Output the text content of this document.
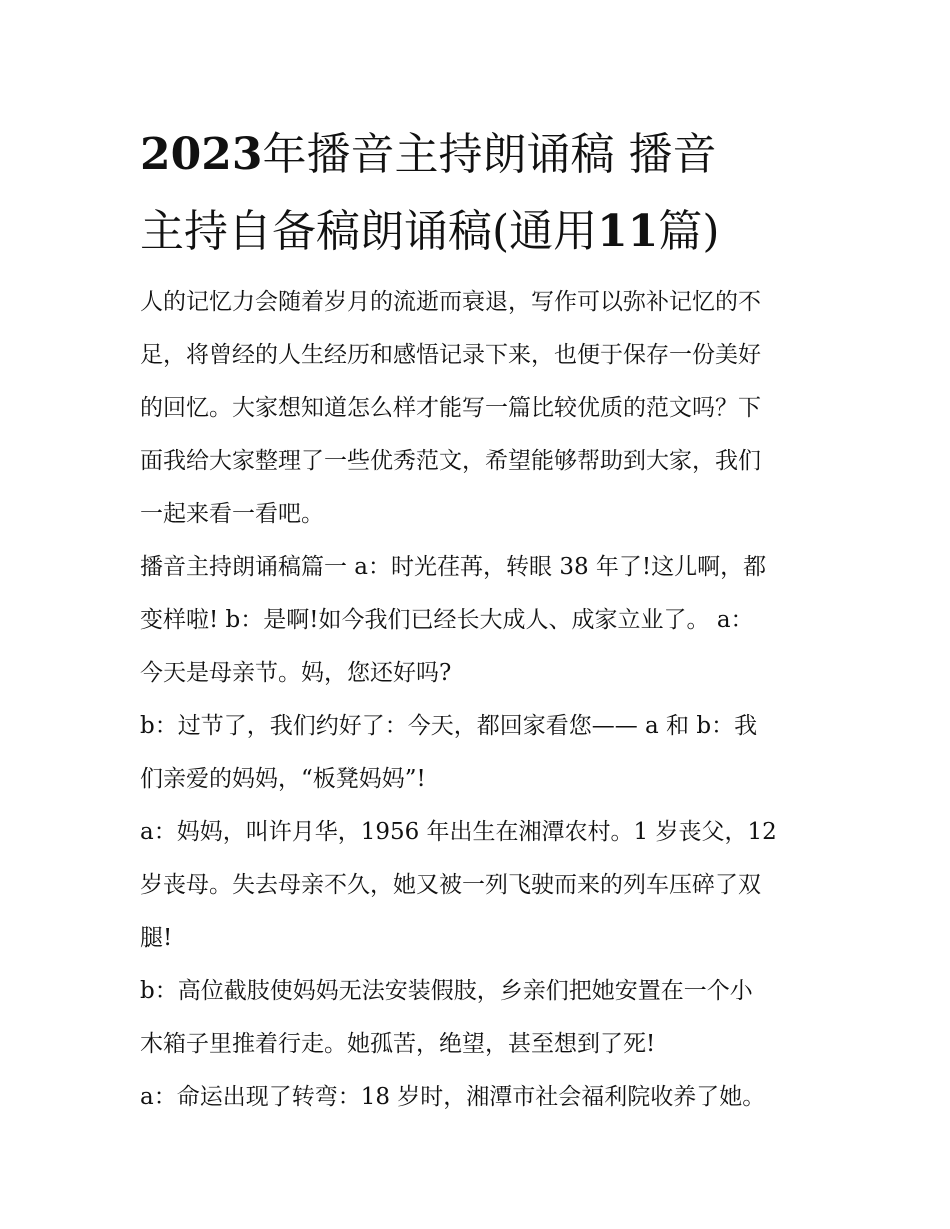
2023年播音主持朗诵稿 播音
主持自备稿朗诵稿(通用11篇)
人的记忆力会随着岁月的流逝而衰退，写作可以弥补记忆的不
足，将曾经的人生经历和感悟记录下来，也便于保存一份美好
的回忆。大家想知道怎么样才能写一篇比较优质的范文吗？下
面我给大家整理了一些优秀范文，希望能够帮助到大家，我们
一起来看一看吧。
播音主持朗诵稿篇一 a：时光荏苒，转眼 38 年了!这儿啊，都
变样啦! b：是啊!如今我们已经长大成人、成家立业了。 a：
今天是母亲节。妈，您还好吗?
b：过节了，我们约好了：今天，都回家看您—— a 和 b：我
们亲爱的妈妈，“板凳妈妈”!
a：妈妈，叫许月华，1956 年出生在湘潭农村。1 岁丧父，12
岁丧母。失去母亲不久，她又被一列飞驶而来的列车压碎了双
腿!
b：高位截肢使妈妈无法安装假肢，乡亲们把她安置在一个小
木箱子里推着行走。她孤苦，绝望，甚至想到了死!
a：命运出现了转弯：18 岁时，湘潭市社会福利院收养了她。
